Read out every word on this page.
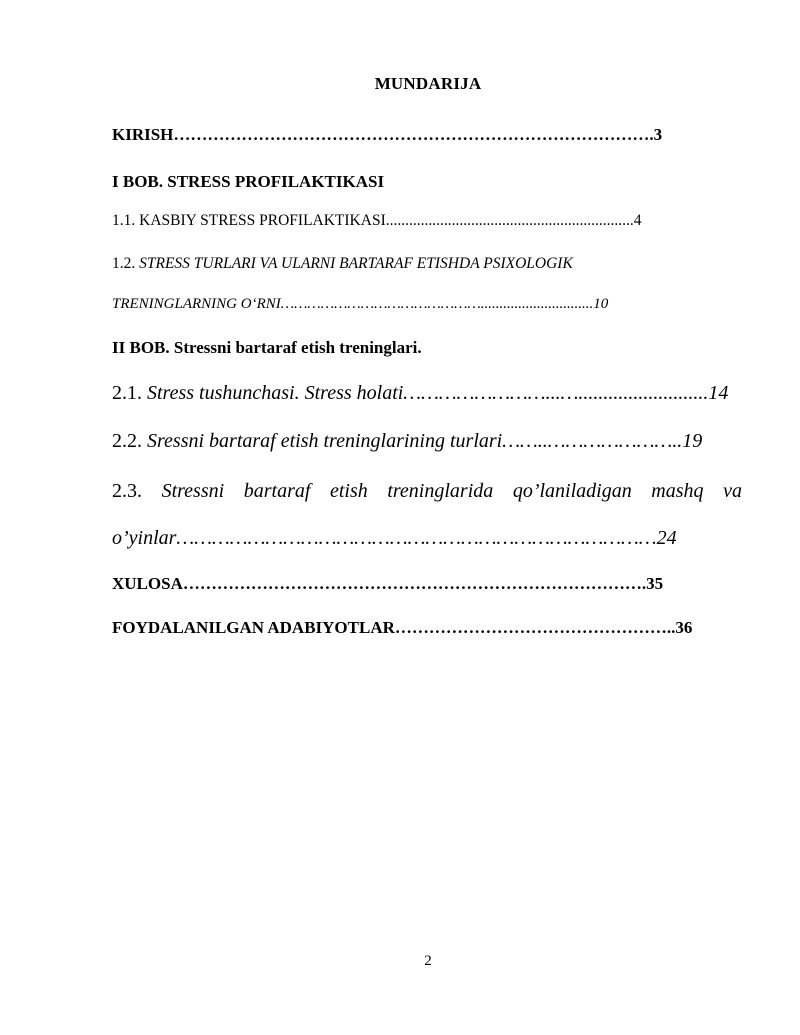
MUNDARIJA
KIRISH………………………………………………………………………….3
I BOB. STRESS PROFILAKTIKASI
1.1. KASBIY STRESS PROFILAKTIKASI................................................................4
1.2. STRESS TURLARI VA ULARNI BARTARAF ETISHDA PSIXOLOGIK
TRENINGLARNING O‘RNI………………………………………..............................10
II BOB. Stressni bartaraf etish treninglari.
2.1. Stress tushunchasi. Stress holati……………………...…..........................14
2.2. Sressni bartaraf etish treninglarining turlari……..…………………..19
2.3. Stressni bartaraf etish treninglarida qo’laniladigan mashq va
o’yinlar………………………………………………………………………24
XULOSA……………………………………………………………………….35
FOYDALANILGAN ADABIYOTLAR…………………………………………..36
2
